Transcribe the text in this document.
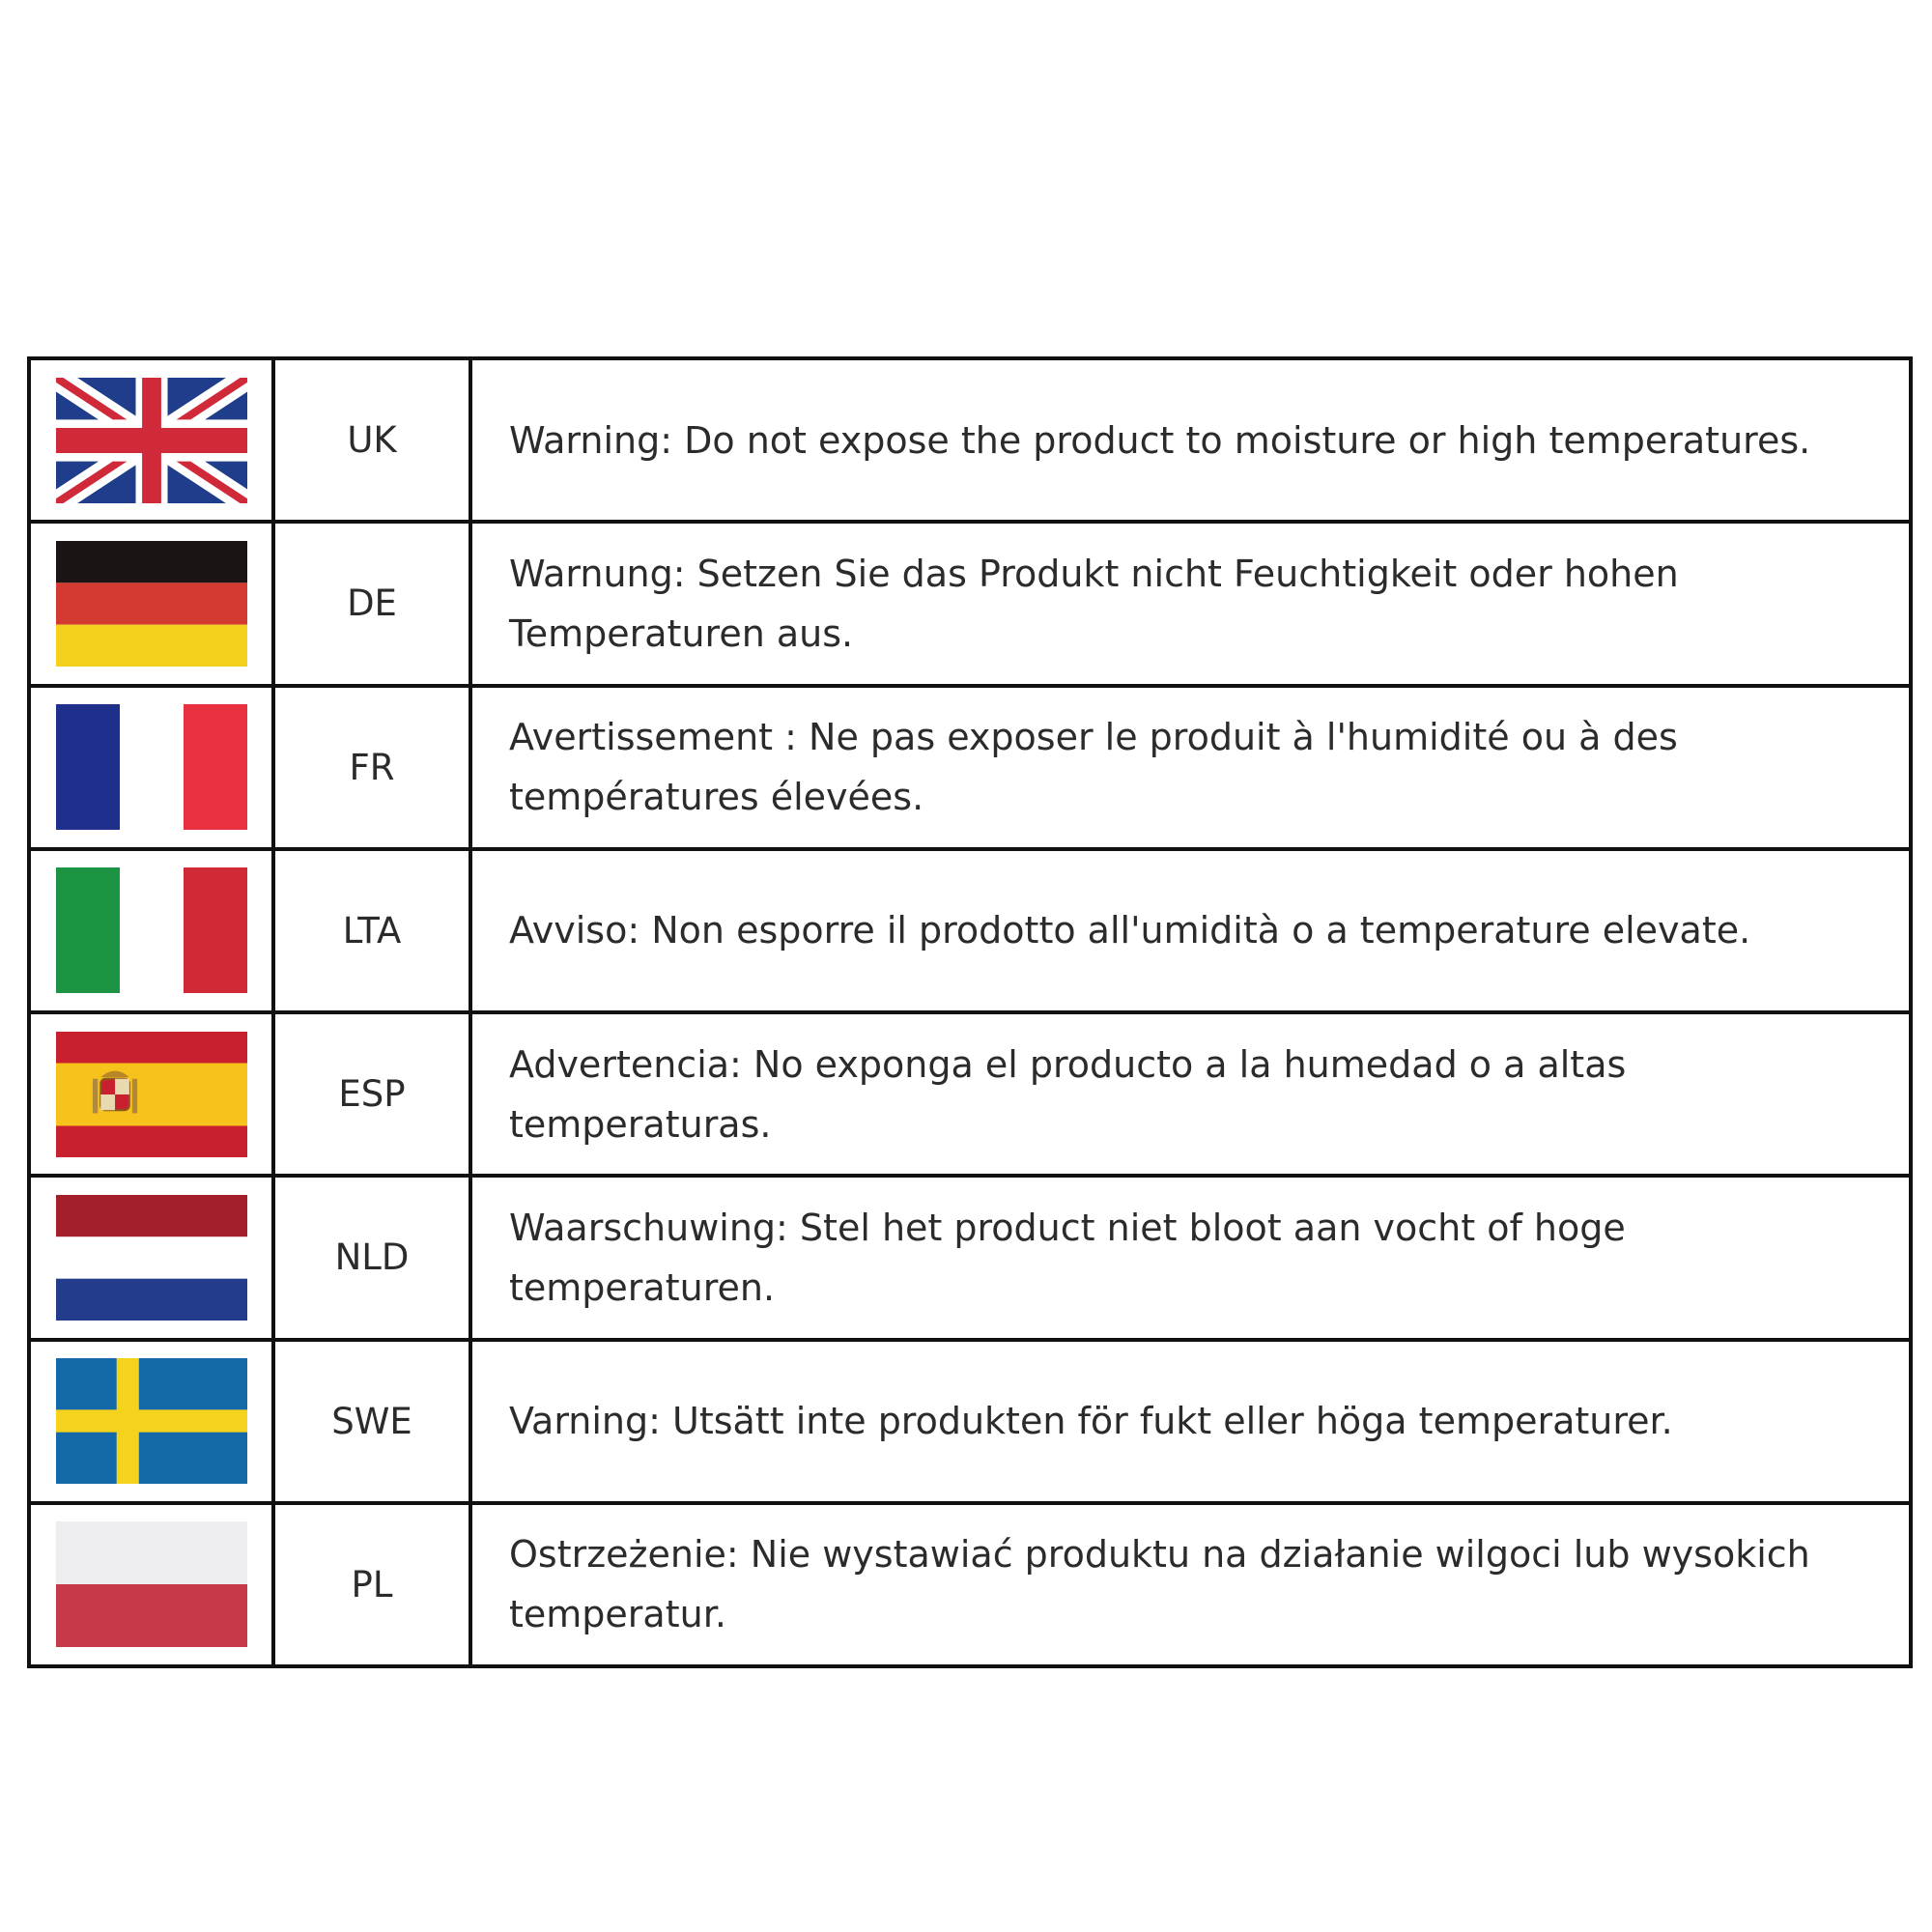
	UK	Warning: Do not expose the product to moisture or high temperatures.

	DE	Warnung: Setzen Sie das Produkt nicht Feuchtigkeit oder hohen Temperaturen aus.

	FR	Avertissement : Ne pas exposer le produit à l'humidité ou à des températures élevées.

	LTA	Avviso: Non esporre il prodotto all'umidità o a temperature elevate.

	ESP	Advertencia: No exponga el producto a la humedad o a altas temperaturas.

	NLD	Waarschuwing: Stel het product niet bloot aan vocht of hoge temperaturen.

	SWE	Varning: Utsätt inte produkten för fukt eller höga temperaturer.

	PL	Ostrzeżenie: Nie wystawiać produktu na działanie wilgoci lub wysokich temperatur.
